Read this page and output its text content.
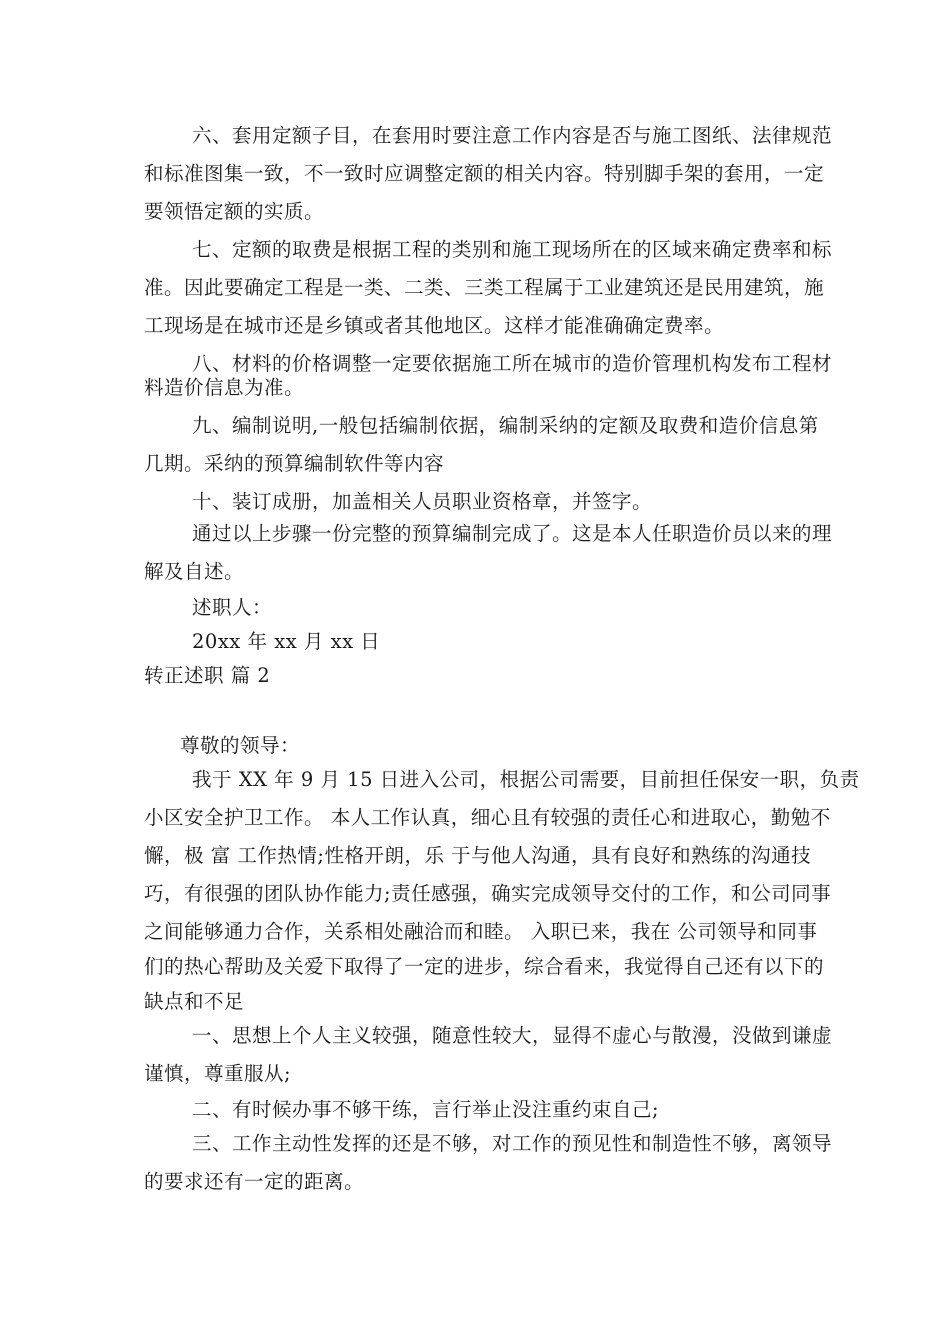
六、套用定额子目，在套用时要注意工作内容是否与施工图纸、法律规范
和标准图集一致，不一致时应调整定额的相关内容。特别脚手架的套用，一定
要领悟定额的实质。
七、定额的取费是根据工程的类别和施工现场所在的区域来确定费率和标
准。因此要确定工程是一类、二类、三类工程属于工业建筑还是民用建筑，施
工现场是在城市还是乡镇或者其他地区。这样才能准确确定费率。
八、材料的价格调整一定要依据施工所在城市的造价管理机构发布工程材
料造价信息为准。
九、编制说明,一般包括编制依据，编制采纳的定额及取费和造价信息第
几期。采纳的预算编制软件等内容
十、装订成册，加盖相关人员职业资格章，并签字。
通过以上步骤一份完整的预算编制完成了。这是本人任职造价员以来的理
解及自述。
述职人：
20xx 年 xx 月 xx 日
转正述职 篇 2
尊敬的领导：
我于 XX 年 9 月 15 日进入公司，根据公司需要，目前担任保安一职，负责
小区安全护卫工作。 本人工作认真，细心且有较强的责任心和进取心，勤勉不
懈，极 富 工作热情;性格开朗，乐 于与他人沟通，具有良好和熟练的沟通技
巧，有很强的团队协作能力;责任感强，确实完成领导交付的工作，和公司同事
之间能够通力合作，关系相处融洽而和睦。 入职已来，我在 公司领导和同事
们的热心帮助及关爱下取得了一定的进步，综合看来，我觉得自己还有以下的
缺点和不足
一、思想上个人主义较强，随意性较大，显得不虚心与散漫，没做到谦虚
谨慎，尊重服从;
二、有时候办事不够干练，言行举止没注重约束自己;
三、工作主动性发挥的还是不够，对工作的预见性和制造性不够，离领导
的要求还有一定的距离。
